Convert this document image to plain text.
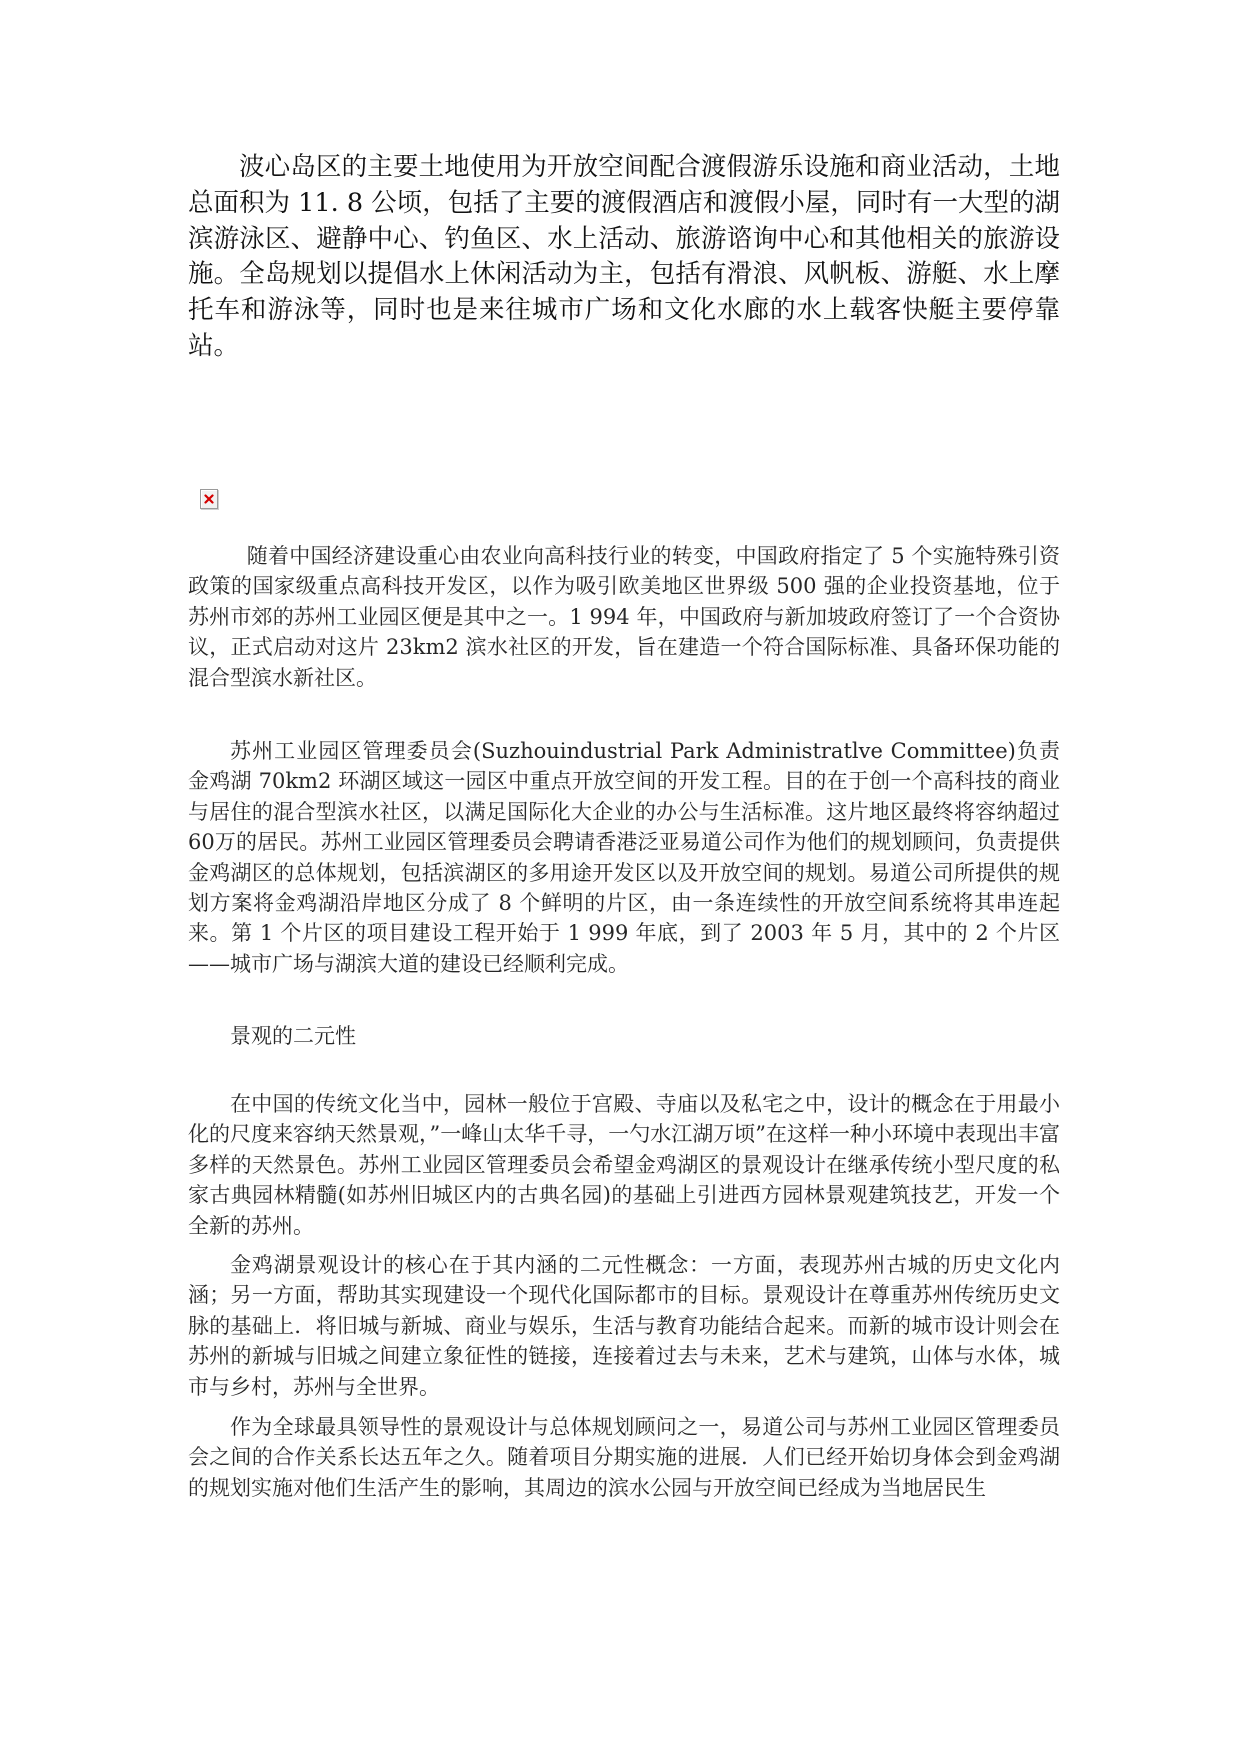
波心岛区的主要土地使用为开放空间配合渡假游乐设施和商业活动，土地总面积为 11. 8 公顷，包括了主要的渡假酒店和渡假小屋，同时有一大型的湖滨游泳区、避静中心、钓鱼区、水上活动、旅游谘询中心和其他相关的旅游设施。全岛规划以提倡水上休闲活动为主，包括有滑浪、风帆板、游艇、水上摩托车和游泳等，同时也是来往城市广场和文化水廊的水上载客快艇主要停靠站。

随着中国经济建设重心由农业向高科技行业的转变，中国政府指定了 5 个实施特殊引资政策的国家级重点高科技开发区，以作为吸引欧美地区世界级 500 强的企业投资基地，位于苏州市郊的苏州工业园区便是其中之一。1 994 年，中国政府与新加坡政府签订了一个合资协议，正式启动对这片 23km2 滨水社区的开发，旨在建造一个符合国际标准、具备环保功能的混合型滨水新社区。

苏州工业园区管理委员会(Suzhouindustrial Park Administratlve Committee)负责金鸡湖 70km2 环湖区域这一园区中重点开放空间的开发工程。目的在于创一个高科技的商业与居住的混合型滨水社区，以满足国际化大企业的办公与生活标准。这片地区最终将容纳超过 60万的居民。苏州工业园区管理委员会聘请香港泛亚易道公司作为他们的规划顾问，负责提供金鸡湖区的总体规划，包括滨湖区的多用途开发区以及开放空间的规划。易道公司所提供的规划方案将金鸡湖沿岸地区分成了 8 个鲜明的片区，由一条连续性的开放空间系统将其串连起来。第 1 个片区的项目建设工程开始于 1 999 年底，到了 2003 年 5 月，其中的 2 个片区——城市广场与湖滨大道的建设已经顺利完成。

景观的二元性

在中国的传统文化当中，园林一般位于宫殿、寺庙以及私宅之中，设计的概念在于用最小化的尺度来容纳天然景观，”一峰山太华千寻，一勺水江湖万顷”在这样一种小环境中表现出丰富多样的天然景色。苏州工业园区管理委员会希望金鸡湖区的景观设计在继承传统小型尺度的私家古典园林精髓(如苏州旧城区内的古典名园)的基础上引进西方园林景观建筑技艺，开发一个全新的苏州。

金鸡湖景观设计的核心在于其内涵的二元性概念：一方面，表现苏州古城的历史文化内涵；另一方面，帮助其实现建设一个现代化国际都市的目标。景观设计在尊重苏州传统历史文脉的基础上．将旧城与新城、商业与娱乐，生活与教育功能结合起来。而新的城市设计则会在苏州的新城与旧城之间建立象征性的链接，连接着过去与未来，艺术与建筑，山体与水体，城市与乡村，苏州与全世界。

作为全球最具领导性的景观设计与总体规划顾问之一，易道公司与苏州工业园区管理委员会之间的合作关系长达五年之久。随着项目分期实施的进展．人们已经开始切身体会到金鸡湖的规划实施对他们生活产生的影响，其周边的滨水公园与开放空间已经成为当地居民生
